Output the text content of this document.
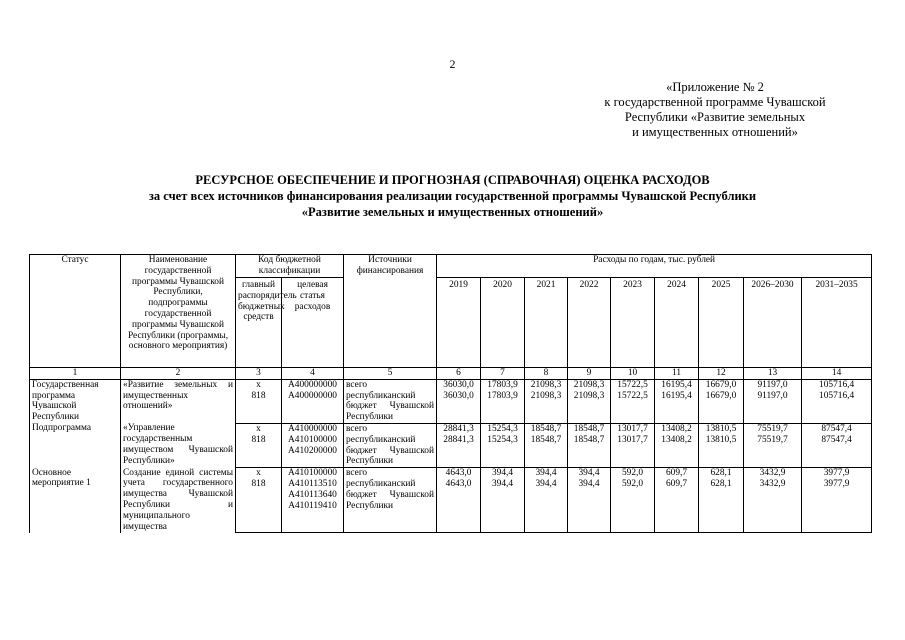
2
«Приложение № 2
к государственной программе Чувашской
Республики «Развитие земельных
и имущественных отношений»
РЕСУРСНОЕ ОБЕСПЕЧЕНИЕ И ПРОГНОЗНАЯ (СПРАВОЧНАЯ) ОЦЕНКА РАСХОДОВ
за счет всех источников финансирования реализации государственной программы Чувашской Республики
«Развитие земельных и имущественных отношений»
Статус	Наименование государственной программы Чувашской Республики, подпрограммы государственной программы Чувашской Республики (программы, основного мероприятия)	Код бюджетной классификации		Источники финансирования	Расходы по годам, тыс. рублей								
		главный распорядитель бюджетных средств	целевая статья расходов		2019	2020	2021	2022	2023	2024	2025	2026–2030	2031–2035
1	2	3	4	5	6	7	8	9	10	11	12	13	14
Государственная программа Чувашской Республики	«Развитие земельных и имущественных отношений»	х	А400000000	всего	36030,0	17803,9	21098,3	21098,3	15722,5	16195,4	16679,0	91197,0	105716,4
		818	А400000000	республиканский бюджет Чувашской Республики	36030,0	17803,9	21098,3	21098,3	15722,5	16195,4	16679,0	91197,0	105716,4
Подпрограмма	«Управление государственным имуществом Чувашской Республики»	х	А410000000	всего	28841,3	15254,3	18548,7	18548,7	13017,7	13408,2	13810,5	75519,7	87547,4
		818	А410100000 А410200000	республиканский бюджет Чувашской Республики	28841,3	15254,3	18548,7	18548,7	13017,7	13408,2	13810,5	75519,7	87547,4
Основное мероприятие 1	Создание единой системы учета государственного имущества Чувашской Республики и муниципального имущества	х	А410100000	всего	4643,0	394,4	394,4	394,4	592,0	609,7	628,1	3432,9	3977,9
		818	А410113510 А410113640 А410119410	республиканский бюджет Чувашской Республики	4643,0	394,4	394,4	394,4	592,0	609,7	628,1	3432,9	3977,9
